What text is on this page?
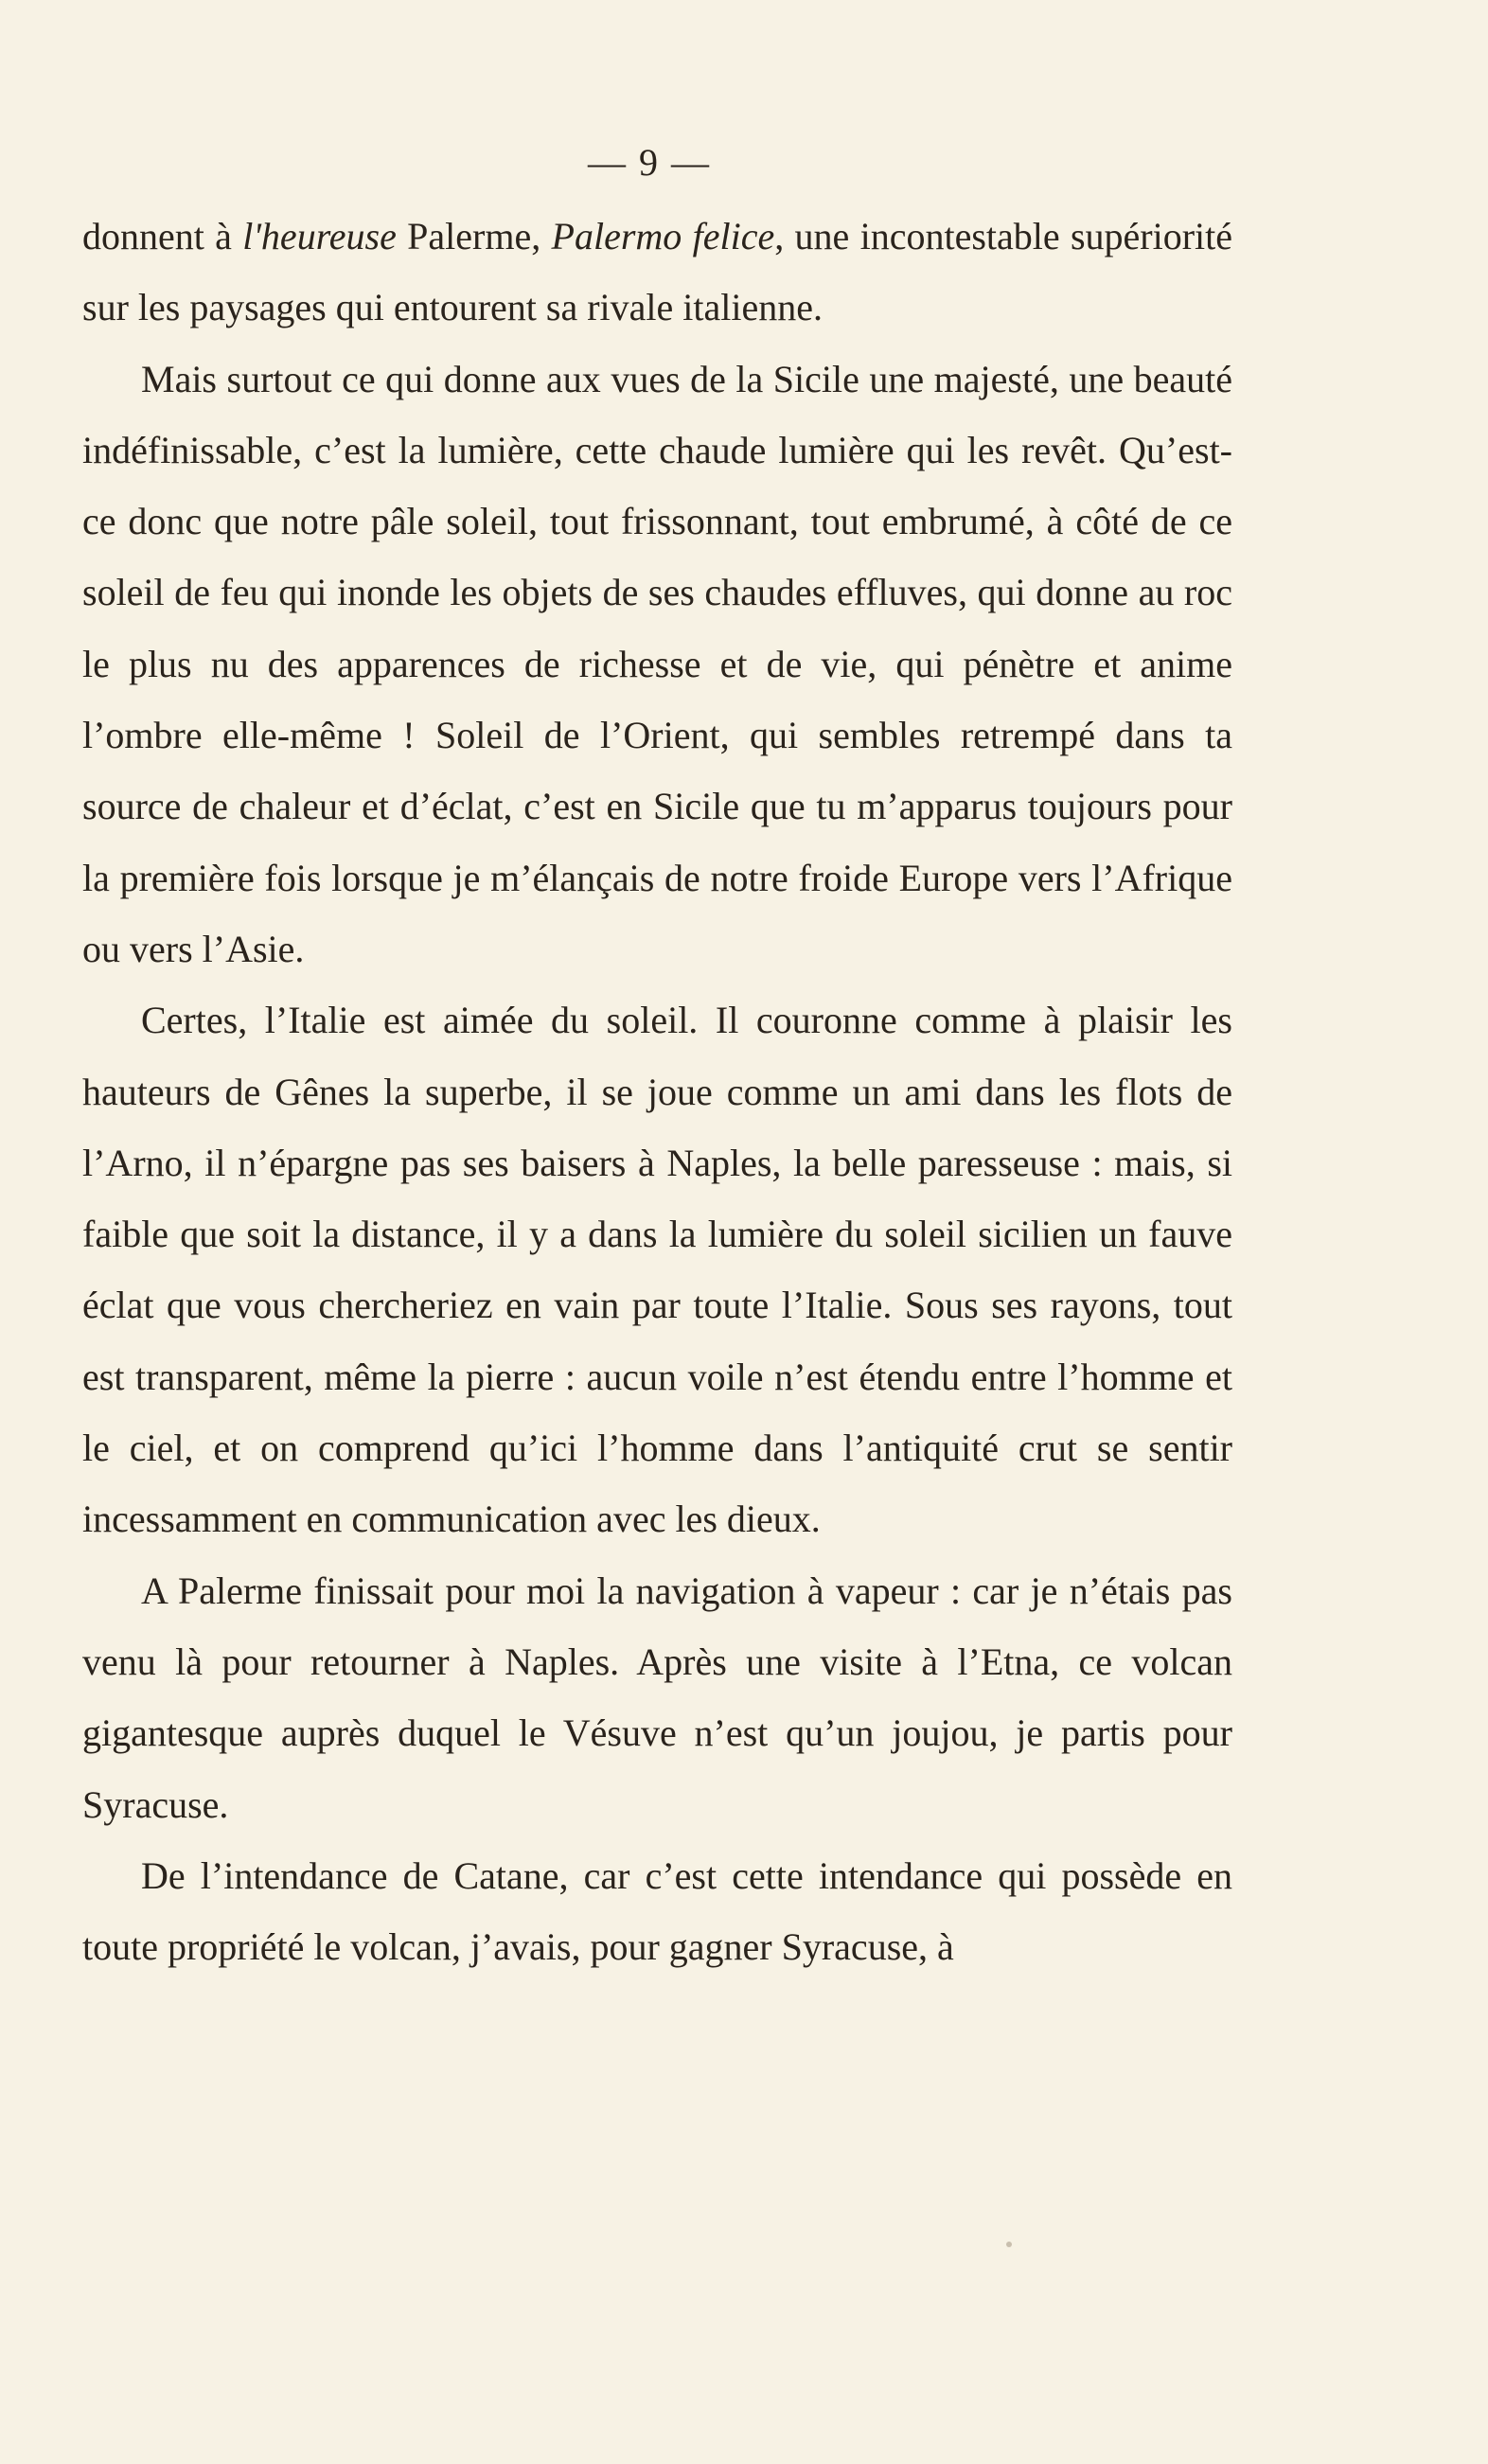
— 9 —

donnent à l'heureuse Palerme, Palermo felice, une incontestable supériorité sur les paysages qui entourent sa rivale italienne.

Mais surtout ce qui donne aux vues de la Sicile une majesté, une beauté indéfinissable, c’est la lumière, cette chaude lumière qui les revêt. Qu’est-ce donc que notre pâle soleil, tout frissonnant, tout embrumé, à côté de ce soleil de feu qui inonde les objets de ses chaudes effluves, qui donne au roc le plus nu des apparences de richesse et de vie, qui pénètre et anime l’ombre elle-même ! Soleil de l’Orient, qui sembles retrempé dans ta source de chaleur et d’éclat, c’est en Sicile que tu m’apparus toujours pour la première fois lorsque je m’élançais de notre froide Europe vers l’Afrique ou vers l’Asie.

Certes, l’Italie est aimée du soleil. Il couronne comme à plaisir les hauteurs de Gênes la superbe, il se joue comme un ami dans les flots de l’Arno, il n’épargne pas ses baisers à Naples, la belle paresseuse : mais, si faible que soit la distance, il y a dans la lumière du soleil sicilien un fauve éclat que vous chercheriez en vain par toute l’Italie. Sous ses rayons, tout est transparent, même la pierre : aucun voile n’est étendu entre l’homme et le ciel, et on comprend qu’ici l’homme dans l’antiquité crut se sentir incessamment en communication avec les dieux.

A Palerme finissait pour moi la navigation à vapeur : car je n’étais pas venu là pour retourner à Naples. Après une visite à l’Etna, ce volcan gigantesque auprès duquel le Vésuve n’est qu’un joujou, je partis pour Syracuse.

De l’intendance de Catane, car c’est cette intendance qui possède en toute propriété le volcan, j’avais, pour gagner Syracuse, à
